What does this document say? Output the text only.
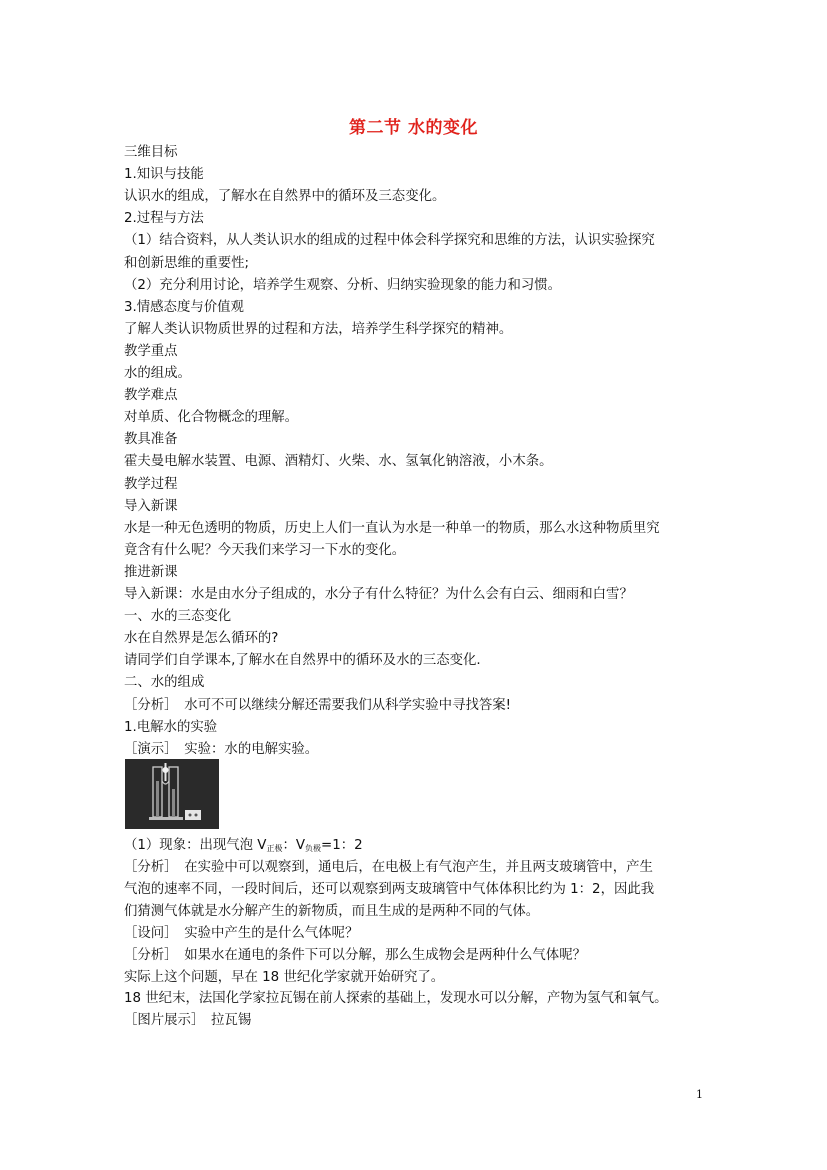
第二节 水的变化
三维目标
1.知识与技能
认识水的组成，了解水在自然界中的循环及三态变化。
2.过程与方法
（1）结合资料，从人类认识水的组成的过程中体会科学探究和思维的方法，认识实验探究
和创新思维的重要性;
（2）充分利用讨论，培养学生观察、分析、归纳实验现象的能力和习惯。
3.情感态度与价值观
了解人类认识物质世界的过程和方法，培养学生科学探究的精神。
教学重点
水的组成。
教学难点
对单质、化合物概念的理解。
教具准备
霍夫曼电解水装置、电源、酒精灯、火柴、水、氢氧化钠溶液，小木条。
教学过程
导入新课
水是一种无色透明的物质，历史上人们一直认为水是一种单一的物质，那么水这种物质里究
竟含有什么呢？今天我们来学习一下水的变化。
推进新课
导入新课：水是由水分子组成的，水分子有什么特征？为什么会有白云、细雨和白雪？
一、水的三态变化
水在自然界是怎么循环的?
请同学们自学课本,了解水在自然界中的循环及水的三态变化.
二、水的组成
［分析］　水可不可以继续分解还需要我们从科学实验中寻找答案!
1.电解水的实验
［演示］　实验：水的电解实验。
（1）现象：出现气泡 $V_{正极}$：$V_{负极}=1$：2
［分析］　在实验中可以观察到，通电后，在电极上有气泡产生，并且两支玻璃管中，产生
气泡的速率不同，一段时间后，还可以观察到两支玻璃管中气体体积比约为 1：2，因此我
们猜测气体就是水分解产生的新物质，而且生成的是两种不同的气体。
［设问］　实验中产生的是什么气体呢？
［分析］　如果水在通电的条件下可以分解，那么生成物会是两种什么气体呢？
实际上这个问题，早在 18 世纪化学家就开始研究了。
18 世纪末，法国化学家拉瓦锡在前人探索的基础上，发现水可以分解，产物为氢气和氧气。
［图片展示］　拉瓦锡
1
